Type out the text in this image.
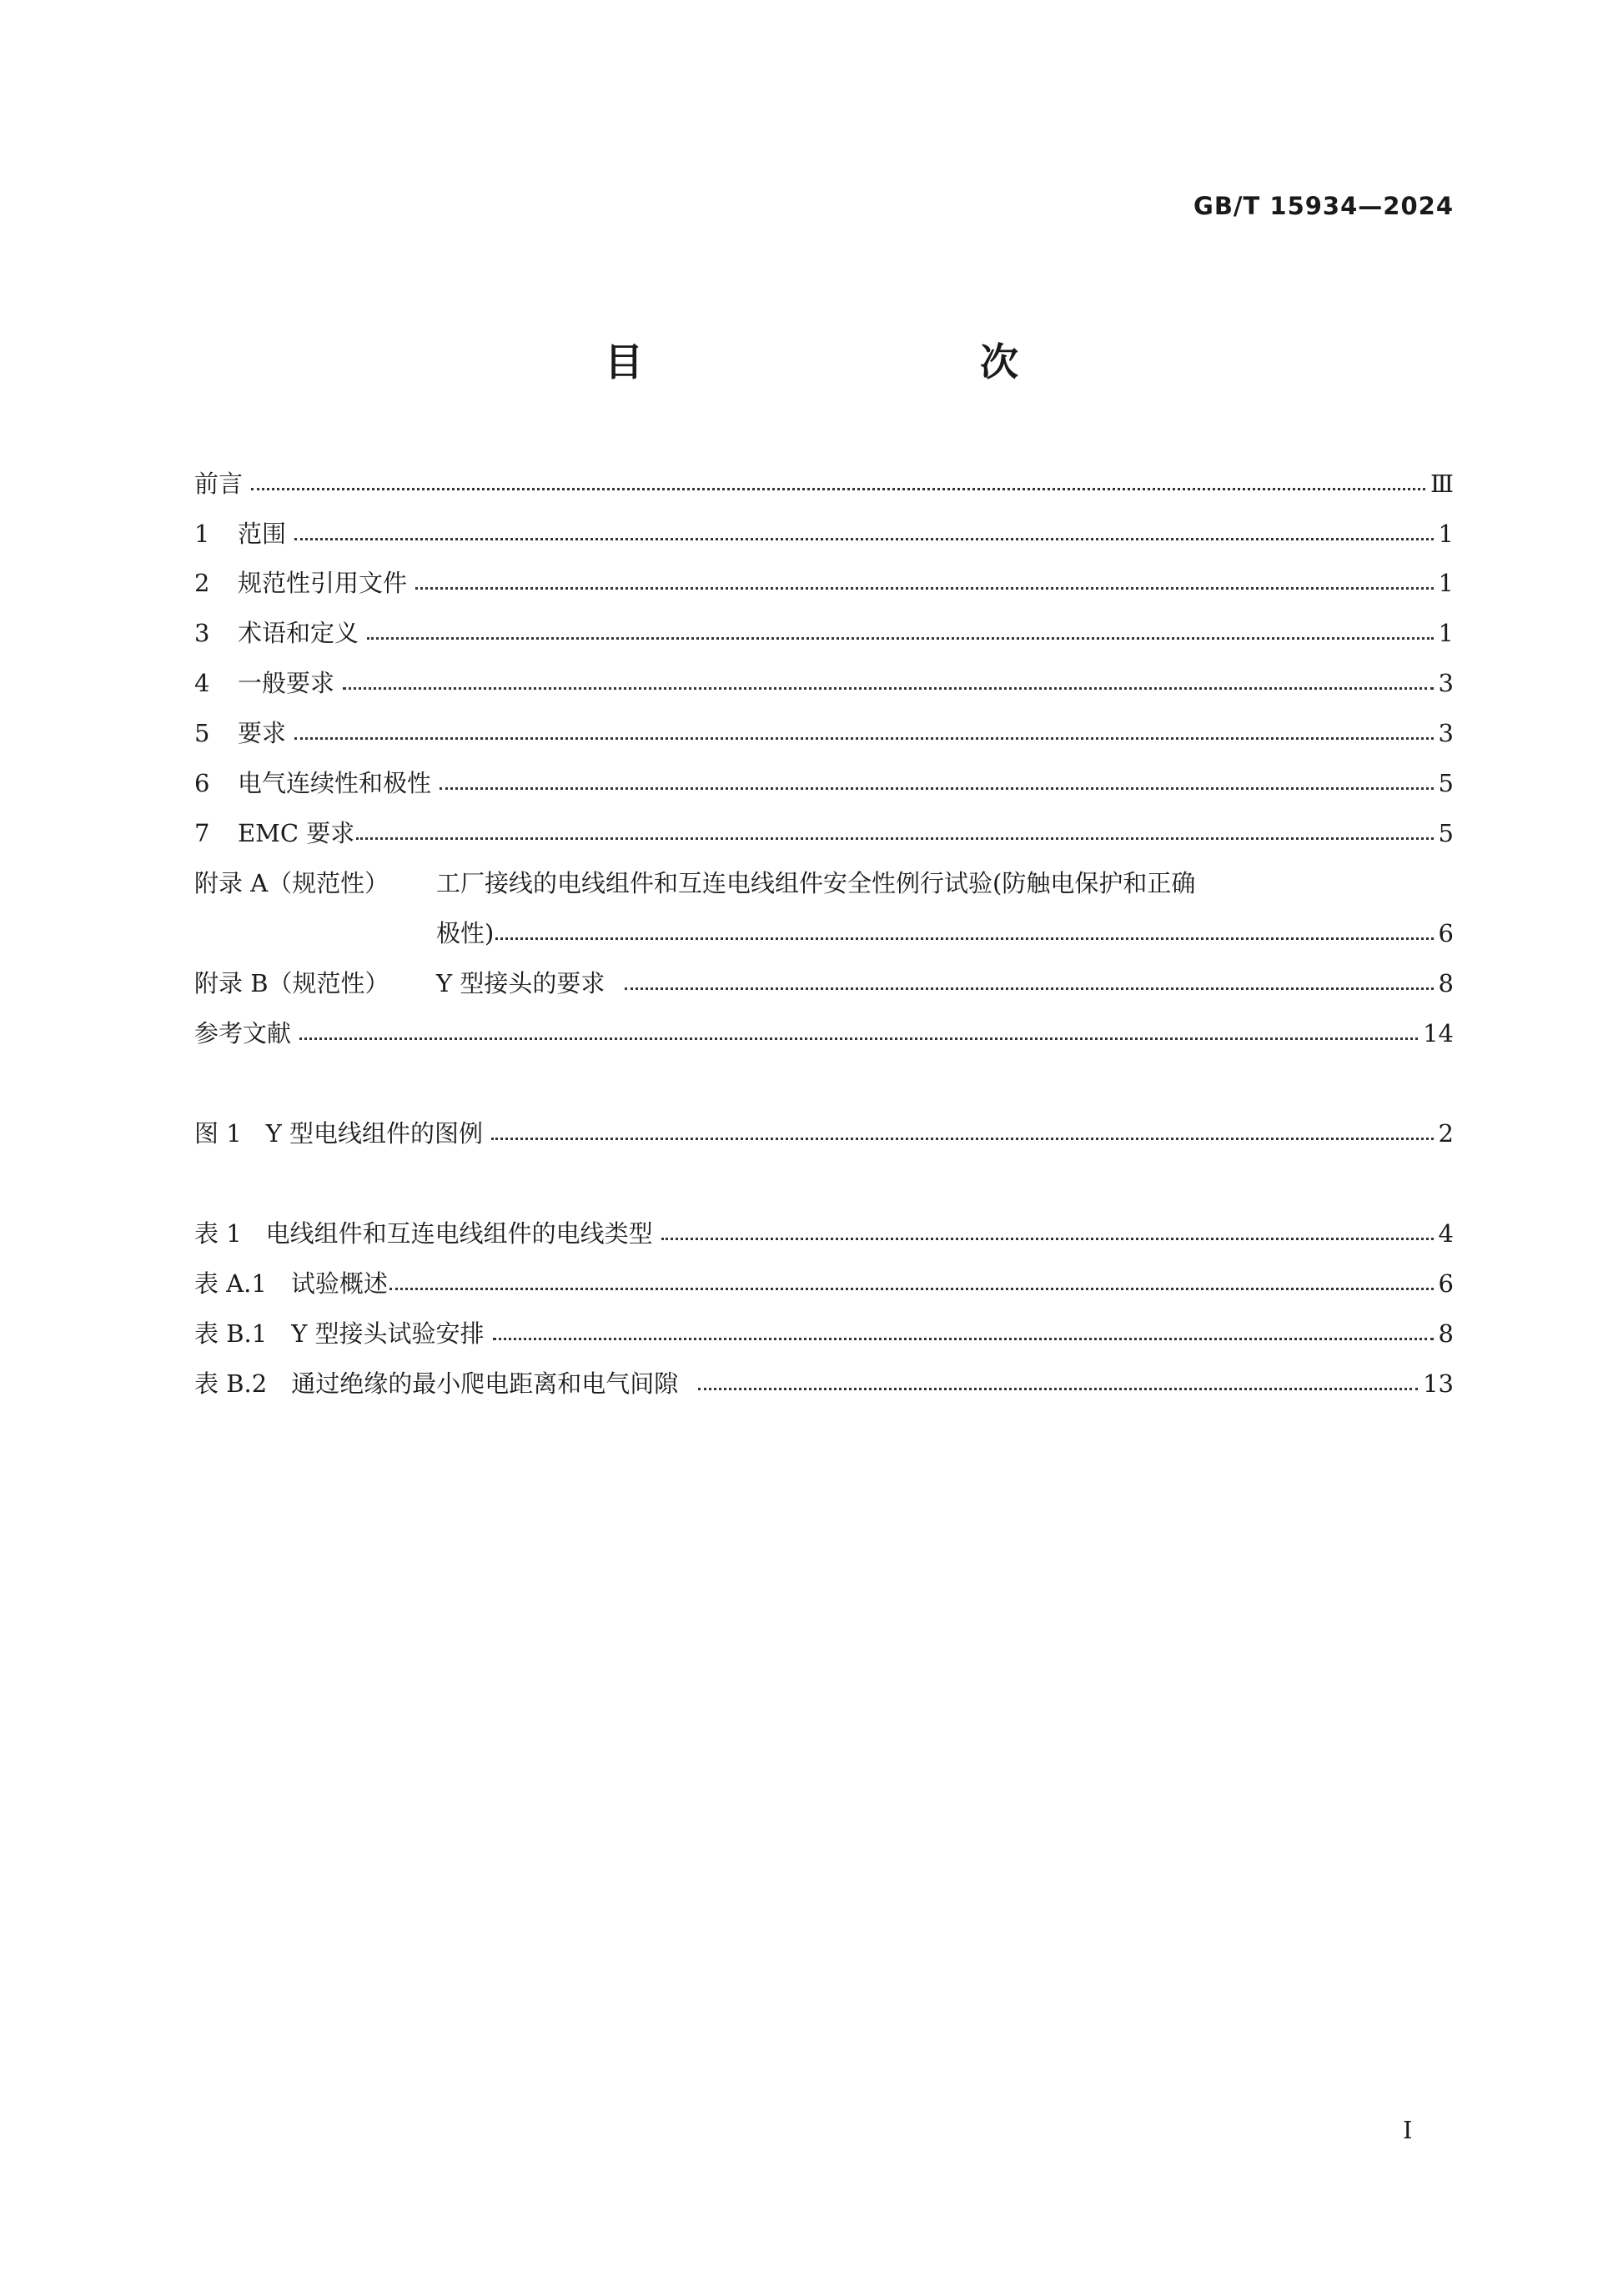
GB/T 15934—2024
目　　次
前言	Ⅲ
1 范围	1
2 规范性引用文件	1
3 术语和定义	1
4 一般要求	3
5 要求	3
6 电气连续性和极性	5
7 EMC 要求	5
附录 A（规范性）	工厂接线的电线组件和互连电线组件安全性例行试验(防触电保护和正确
极性)	6
附录 B（规范性）	Y 型接头的要求	8
参考文献	14
图 1　Y 型电线组件的图例	2
表 1　电线组件和互连电线组件的电线类型	4
表 A.1　试验概述	6
表 B.1　Y 型接头试验安排	8
表 B.2　通过绝缘的最小爬电距离和电气间隙	13
I
